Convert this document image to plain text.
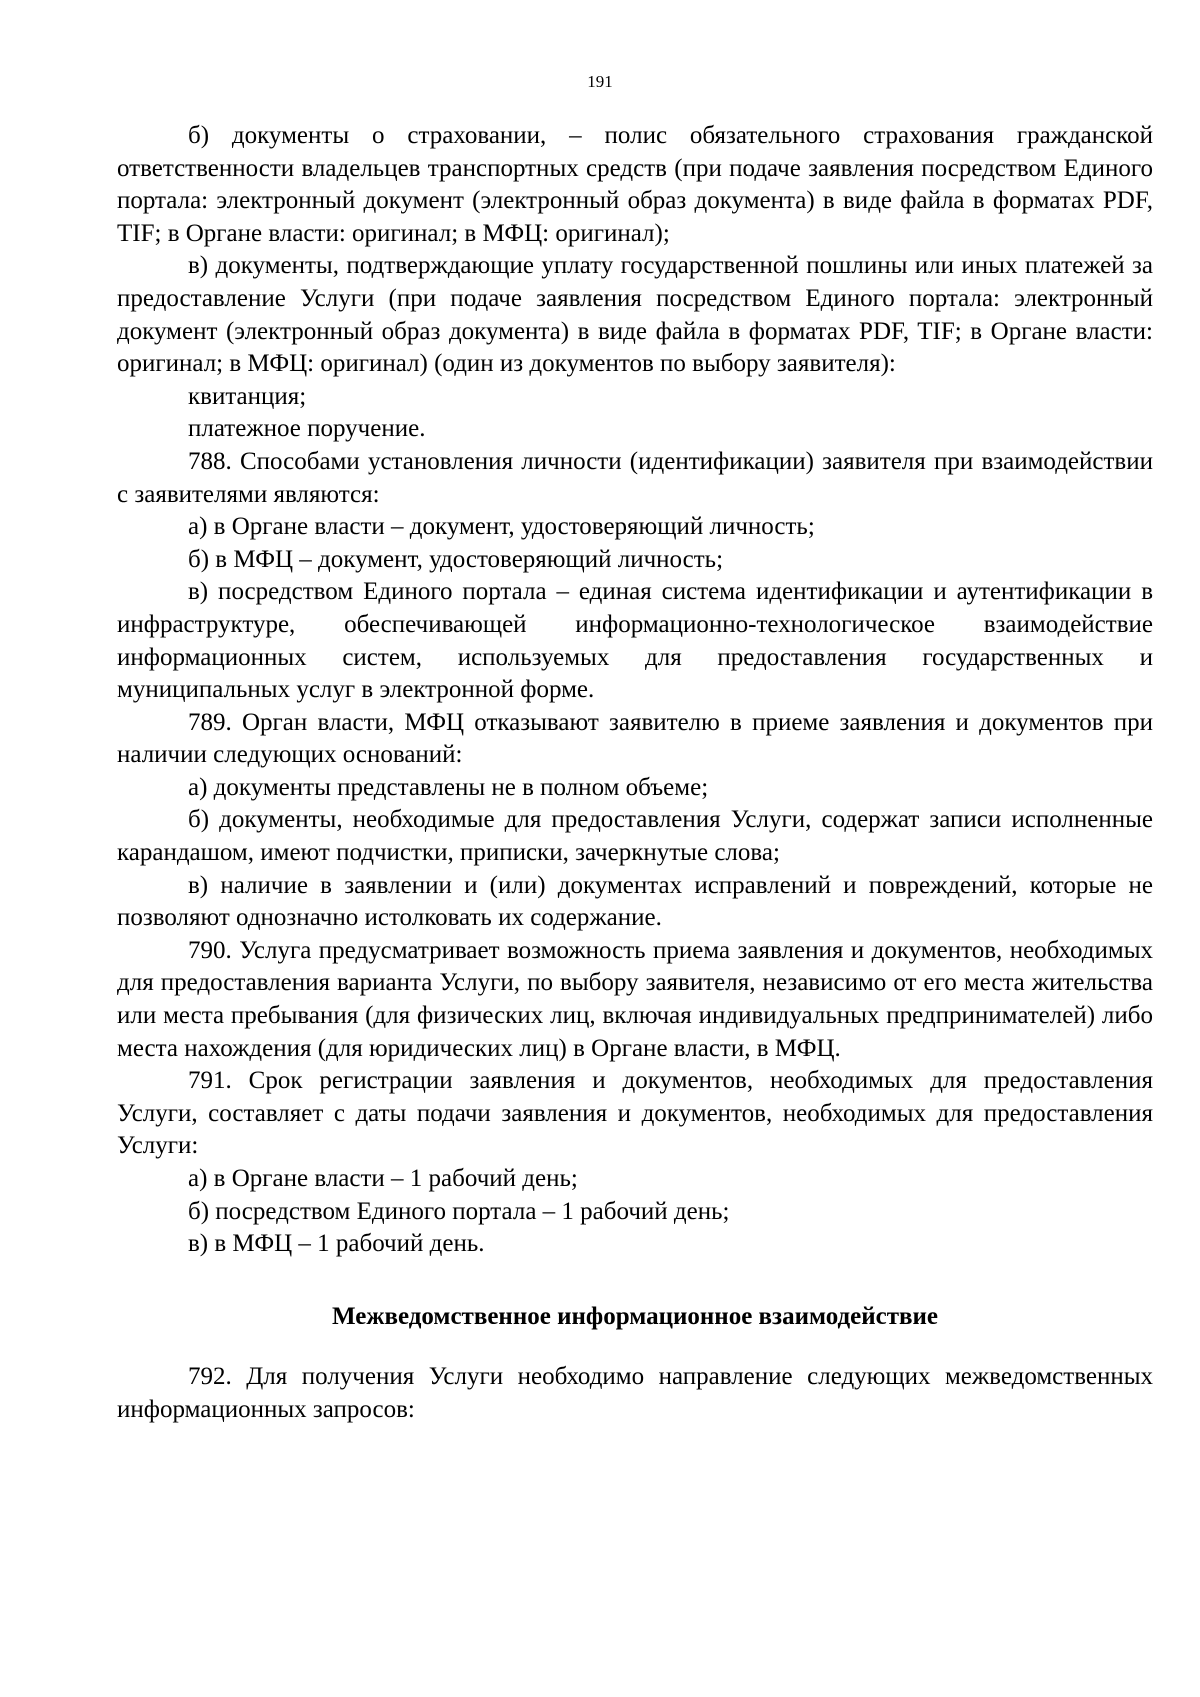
191

б) документы о страховании, – полис обязательного страхования гражданской ответственности владельцев транспортных средств (при подаче заявления посредством Единого портала: электронный документ (электронный образ документа) в виде файла в форматах PDF, TIF; в Органе власти: оригинал; в МФЦ: оригинал);

в) документы, подтверждающие уплату государственной пошлины или иных платежей за предоставление Услуги (при подаче заявления посредством Единого портала: электронный документ (электронный образ документа) в виде файла в форматах PDF, TIF; в Органе власти: оригинал; в МФЦ: оригинал) (один из документов по выбору заявителя):

квитанция;

платежное поручение.

788. Способами установления личности (идентификации) заявителя при взаимодействии с заявителями являются:

а) в Органе власти – документ, удостоверяющий личность;

б) в МФЦ – документ, удостоверяющий личность;

в) посредством Единого портала – единая система идентификации и аутентификации в инфраструктуре, обеспечивающей информационно-технологическое взаимодействие информационных систем, используемых для предоставления государственных и муниципальных услуг в электронной форме.

789. Орган власти, МФЦ отказывают заявителю в приеме заявления и документов при наличии следующих оснований:

а) документы представлены не в полном объеме;

б) документы, необходимые для предоставления Услуги, содержат записи исполненные карандашом, имеют подчистки, приписки, зачеркнутые слова;

в) наличие в заявлении и (или) документах исправлений и повреждений, которые не позволяют однозначно истолковать их содержание.

790. Услуга предусматривает возможность приема заявления и документов, необходимых для предоставления варианта Услуги, по выбору заявителя, независимо от его места жительства или места пребывания (для физических лиц, включая индивидуальных предпринимателей) либо места нахождения (для юридических лиц) в Органе власти, в МФЦ.

791. Срок регистрации заявления и документов, необходимых для предоставления Услуги, составляет с даты подачи заявления и документов, необходимых для предоставления Услуги:

а) в Органе власти – 1 рабочий день;

б) посредством Единого портала – 1 рабочий день;

в) в МФЦ – 1 рабочий день.

Межведомственное информационное взаимодействие

792. Для получения Услуги необходимо направление следующих межведомственных информационных запросов:
